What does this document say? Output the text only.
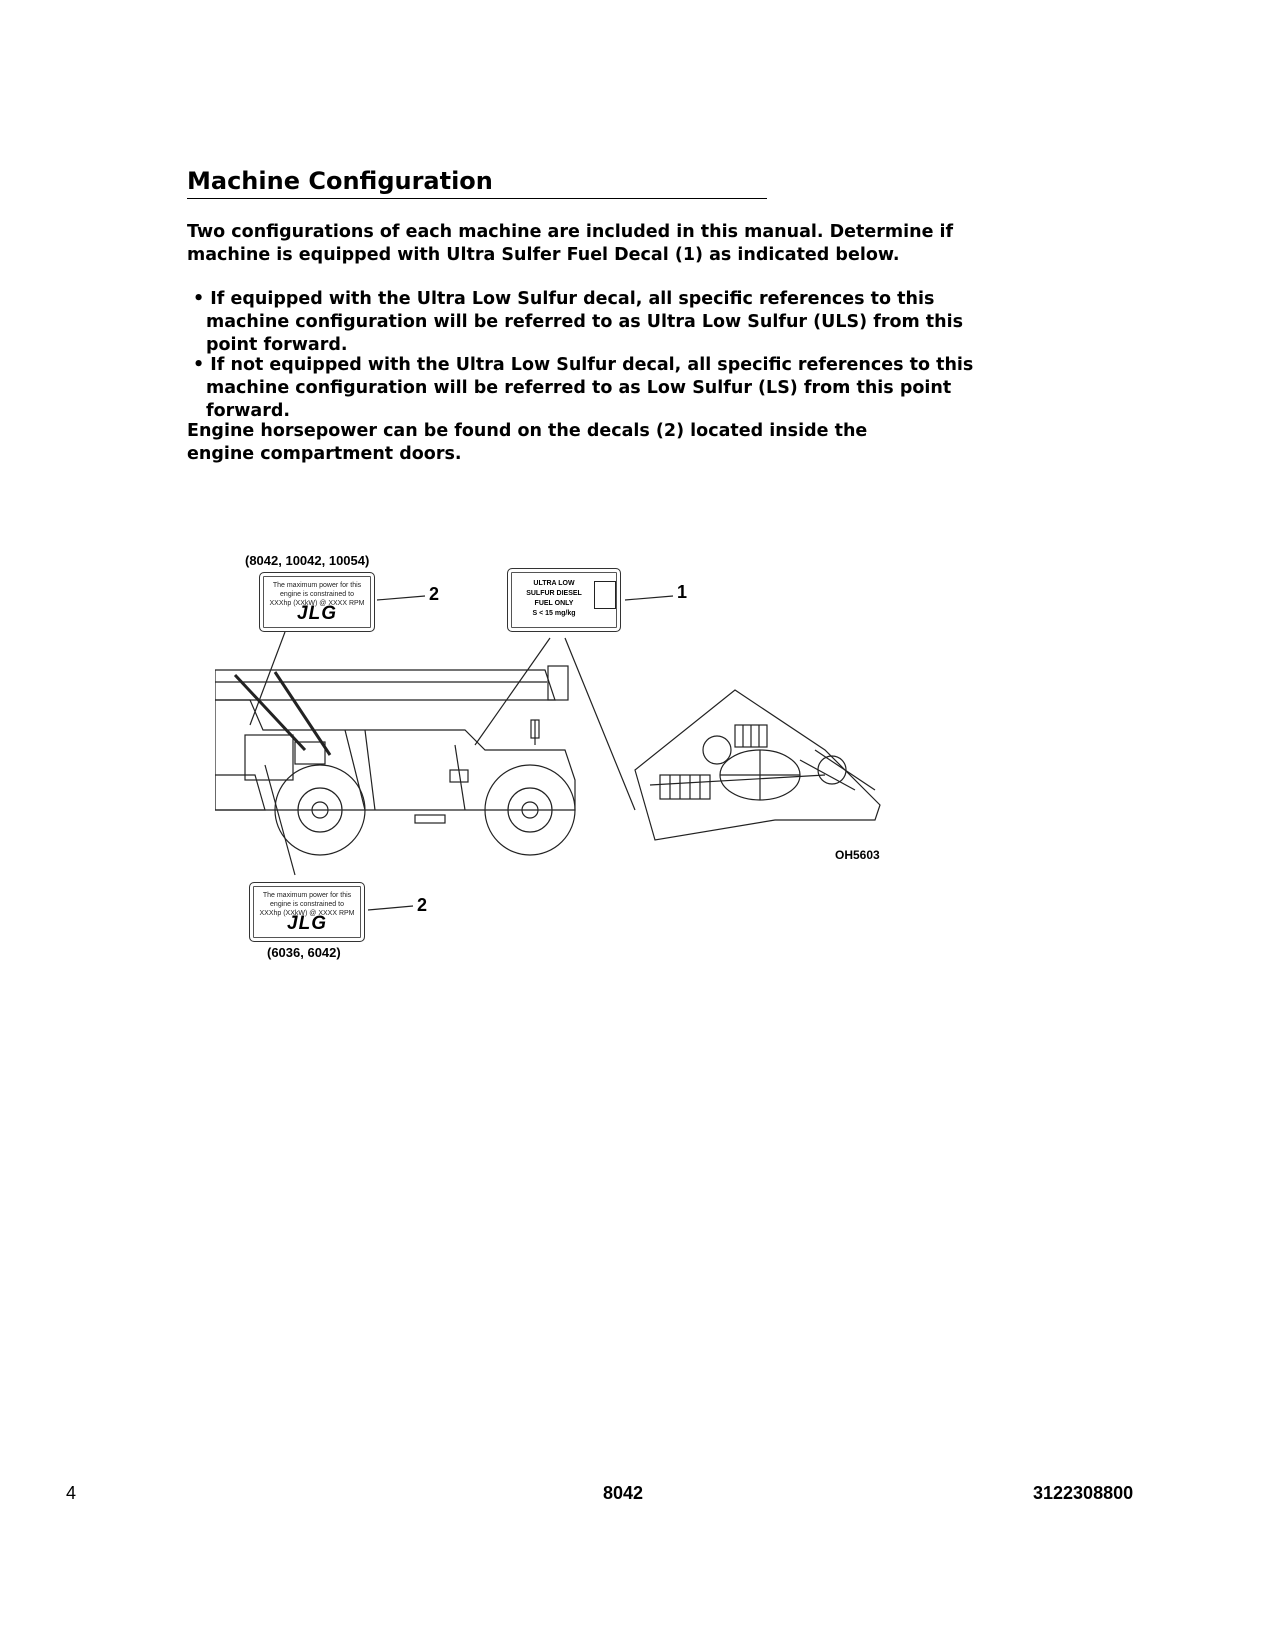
Machine Configuration

Two configurations of each machine are included in this manual. Determine if machine is equipped with Ultra Sulfer Fuel Decal (1) as indicated below.

• If equipped with the Ultra Low Sulfur decal, all specific references to this machine configuration will be referred to as Ultra Low Sulfur (ULS) from this point forward.

• If not equipped with the Ultra Low Sulfur decal, all specific references to this machine configuration will be referred to as Low Sulfur (LS) from this point forward.

Engine horsepower can be found on the decals (2) located inside the engine compartment doors.

The maximum power for this
engine is constrained to
XXXhp (XXkW) @ XXXX RPM
JLG
ULTRA LOW
SULFUR DIESEL
FUEL ONLY
S < 15 mg/kg
The maximum power for this
engine is constrained to
XXXhp (XXkW) @ XXXX RPM
JLG
(8042, 10042, 10054)
2	1
2
OH5603
(6036, 6042)
4	8042	3122308800
